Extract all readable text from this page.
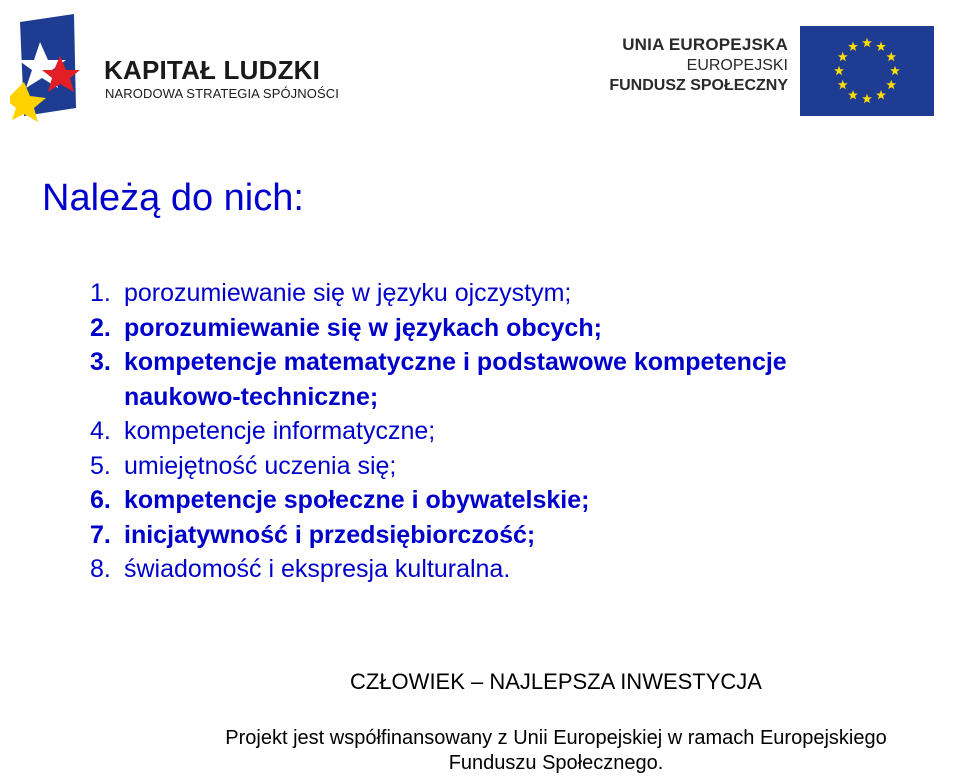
KAPITAŁ LUDZKI
NARODOWA STRATEGIA SPÓJNOŚCI
UNIA EUROPEJSKA
EUROPEJSKI
FUNDUSZ SPOŁECZNY
Należą do nich:
1. porozumiewanie się w języku ojczystym;
2. porozumiewanie się w językach obcych;
3. kompetencje matematyczne i podstawowe kompetencje
naukowo-techniczne;
4. kompetencje informatyczne;
5. umiejętność uczenia się;
6. kompetencje społeczne i obywatelskie;
7. inicjatywność i przedsiębiorczość;
8. świadomość i ekspresja kulturalna.
CZŁOWIEK – NAJLEPSZA INWESTYCJA
Projekt jest współfinansowany z Unii Europejskiej w ramach Europejskiego
Funduszu Społecznego.
